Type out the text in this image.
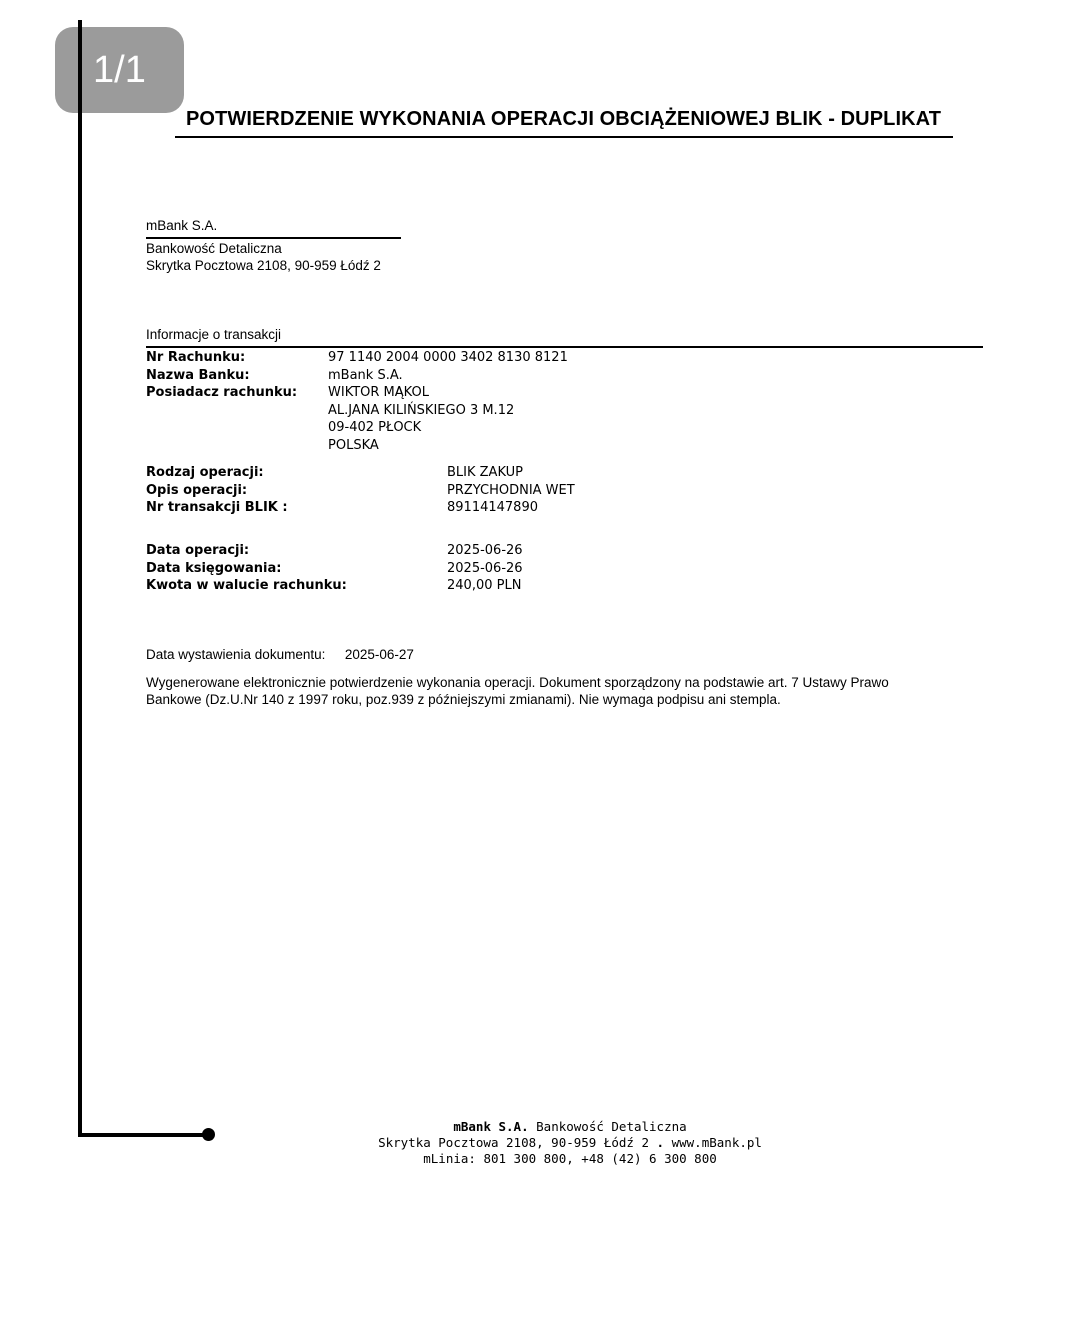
1/1
POTWIERDZENIE WYKONANIA OPERACJI OBCIĄŻENIOWEJ BLIK - DUPLIKAT
mBank S.A.
Bankowość Detaliczna
Skrytka Pocztowa 2108, 90-959 Łódź 2
Informacje o transakcji
Nr Rachunku:	97 1140 2004 0000 3402 8130 8121
Nazwa Banku:	mBank S.A.
Posiadacz rachunku:	WIKTOR MĄKOL
AL.JANA KILIŃSKIEGO 3 M.12
09-402 PŁOCK
POLSKA
Rodzaj operacji:	BLIK ZAKUP
Opis operacji:	PRZYCHODNIA WET
Nr transakcji BLIK :	89114147890
Data operacji:	2025-06-26
Data księgowania:	2025-06-26
Kwota w walucie rachunku:	240,00 PLN
Data wystawienia dokumentu: 2025-06-27
Wygenerowane elektronicznie potwierdzenie wykonania operacji. Dokument sporządzony na podstawie art. 7 Ustawy Prawo
Bankowe (Dz.U.Nr 140 z 1997 roku, poz.939 z późniejszymi zmianami). Nie wymaga podpisu ani stempla.
mBank S.A. Bankowość Detaliczna
Skrytka Pocztowa 2108, 90-959 Łódź 2 . www.mBank.pl
mLinia: 801 300 800, +48 (42) 6 300 800
